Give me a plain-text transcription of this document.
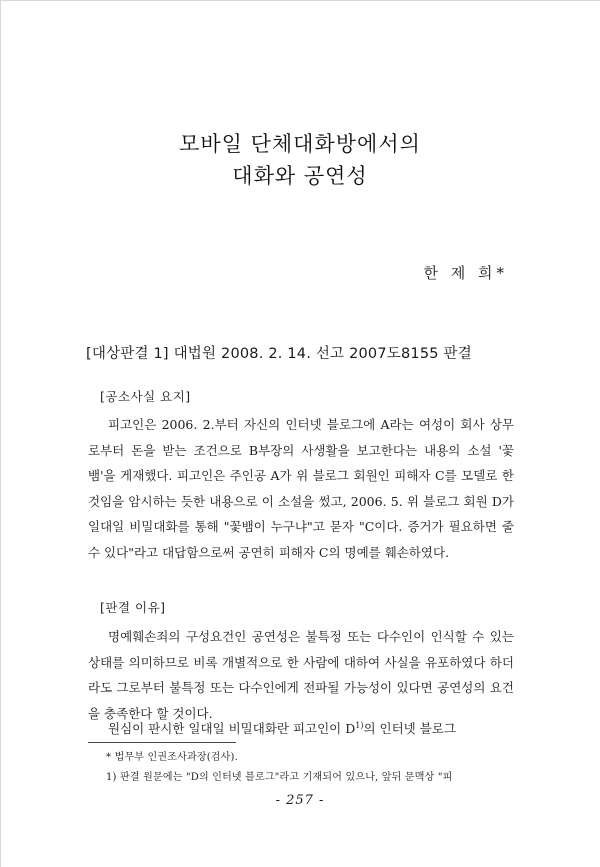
모바일 단체대화방에서의
대화와 공연성
한 제 희*
[대상판결 1] 대법원 2008. 2. 14. 선고 2007도8155 판결
[공소사실 요지]

피고인은 2006. 2.부터 자신의 인터넷 블로그에 A라는 여성이 회사 상무로부터 돈을 받는 조건으로 B부장의 사생활을 보고한다는 내용의 소설 '꽃뱀'을 게재했다. 피고인은 주인공 A가 위 블로그 회원인 피해자 C를 모델로 한 것임을 암시하는 듯한 내용으로 이 소설을 썼고, 2006. 5. 위 블로그 회원 D가 일대일 비밀대화를 통해 "꽃뱀이 누구냐"고 묻자 "C이다. 증거가 필요하면 줄 수 있다"라고 대답함으로써 공연히 피해자 C의 명예를 훼손하였다.

[판결 이유]

명예훼손죄의 구성요건인 공연성은 불특정 또는 다수인이 인식할 수 있는 상태를 의미하므로 비록 개별적으로 한 사람에 대하여 사실을 유포하였다 하더라도 그로부터 불특정 또는 다수인에게 전파될 가능성이 있다면 공연성의 요건을 충족한다 할 것이다.

원심이 판시한 일대일 비밀대화란 피고인이 $D^{1)}$의 인터넷 블로그

* 법무부 인권조사과장(검사).
1) 판결 원문에는 "D의 인터넷 블로그"라고 기재되어 있으나, 앞뒤 문맥상 "피
- 257 -
